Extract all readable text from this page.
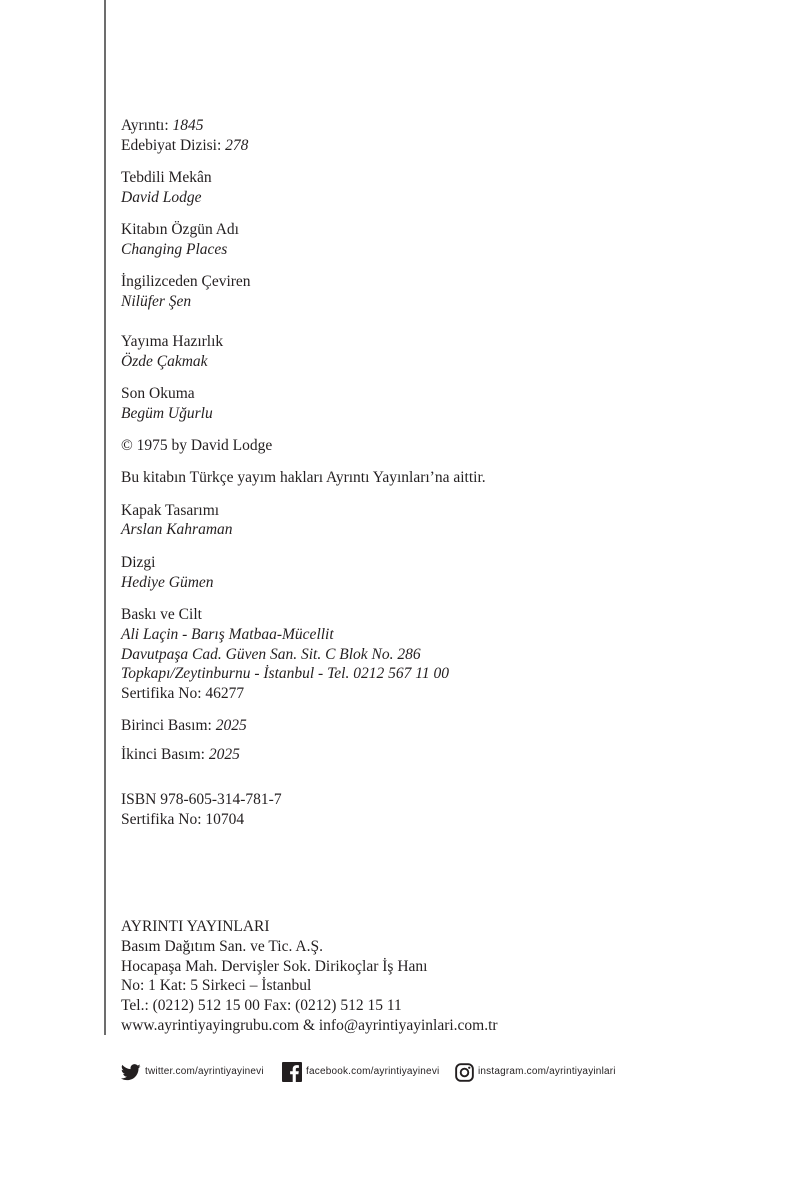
Ayrıntı: 1845
Edebiyat Dizisi: 278
Tebdili Mekân
David Lodge
Kitabın Özgün Adı
Changing Places
İngilizceden Çeviren
Nilüfer Şen
Yayıma Hazırlık
Özde Çakmak
Son Okuma
Begüm Uğurlu
© 1975 by David Lodge
Bu kitabın Türkçe yayım hakları Ayrıntı Yayınları’na aittir.
Kapak Tasarımı
Arslan Kahraman
Dizgi
Hediye Gümen
Baskı ve Cilt
Ali Laçin - Barış Matbaa-Mücellit
Davutpaşa Cad. Güven San. Sit. C Blok No. 286
Topkapı/Zeytinburnu - İstanbul - Tel. 0212 567 11 00
Sertifika No: 46277
Birinci Basım: 2025
İkinci Basım: 2025
ISBN 978-605-314-781-7
Sertifika No: 10704
AYRINTI YAYINLARI
Basım Dağıtım San. ve Tic. A.Ş.
Hocapaşa Mah. Dervişler Sok. Dirikoçlar İş Hanı
No: 1 Kat: 5 Sirkeci – İstanbul
Tel.: (0212) 512 15 00 Fax: (0212) 512 15 11
www.ayrintiyayingrubu.com & info@ayrintiyayinlari.com.tr
twitter.com/ayrintiyayinevi	facebook.com/ayrintiyayinevi	instagram.com/ayrintiyayinlari
